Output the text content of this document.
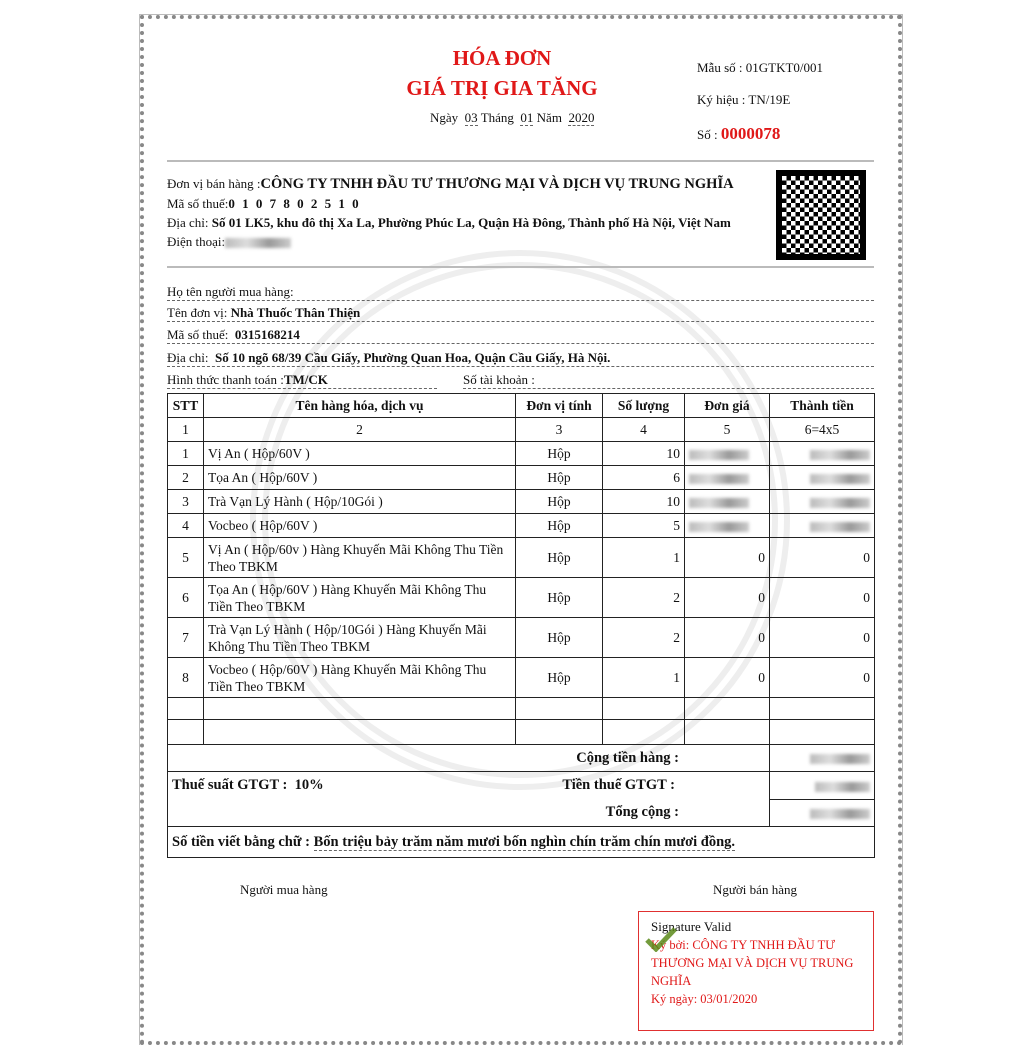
HÓA ĐƠN
GIÁ TRỊ GIA TĂNG
Ngày 03 Tháng 01 Năm 2020
Mẫu số : 01GTKT0/001
Ký hiệu : TN/19E
Số : 0000078
Đơn vị bán hàng :CÔNG TY TNHH ĐẦU TƯ THƯƠNG MẠI VÀ DỊCH VỤ TRUNG NGHĨA
Mã số thuế:0 1 0 7 8 0 2 5 1 0
Địa chỉ: Số 01 LK5, khu đô thị Xa La, Phường Phúc La, Quận Hà Đông, Thành phố Hà Nội, Việt Nam
Điện thoại:
Họ tên người mua hàng:
Tên đơn vị: Nhà Thuốc Thân Thiện
Mã số thuế: 0315168214
Địa chỉ: Số 10 ngõ 68/39 Cầu Giấy, Phường Quan Hoa, Quận Cầu Giấy, Hà Nội.
Hình thức thanh toán :TM/CK	Số tài khoản :
STT	Tên hàng hóa, dịch vụ	Đơn vị tính	Số lượng	Đơn giá	Thành tiền
1	2	3	4	5	6=4x5
1	Vị An ( Hộp/60V )	Hộp	10		
2	Tọa An ( Hộp/60V )	Hộp	6		
3	Trà Vạn Lý Hành ( Hộp/10Gói )	Hộp	10		
4	Vocbeo ( Hộp/60V )	Hộp	5		
5	Vị An ( Hộp/60v ) Hàng Khuyến Mãi Không Thu Tiền Theo TBKM	Hộp	1	0	0
6	Tọa An ( Hộp/60V ) Hàng Khuyến Mãi Không Thu Tiền Theo TBKM	Hộp	2	0	0
7	Trà Vạn Lý Hành ( Hộp/10Gói ) Hàng Khuyến Mãi Không Thu Tiền Theo TBKM	Hộp	2	0	0
8	Vocbeo ( Hộp/60V ) Hàng Khuyến Mãi Không Thu Tiền Theo TBKM	Hộp	1	0	0

Cộng tiền hàng :					
Thuế suất GTGT : 10% Tiền thuế GTGT :					

Tổng cộng :					
Số tiền viết bằng chữ : Bốn triệu bảy trăm năm mươi bốn nghìn chín trăm chín mươi đồng.					
Người mua hàng	Người bán hàng
Signature Valid
Ký bởi: CÔNG TY TNHH ĐẦU TƯ THƯƠNG MẠI VÀ DỊCH VỤ TRUNG NGHĨA
Ký ngày: 03/01/2020
